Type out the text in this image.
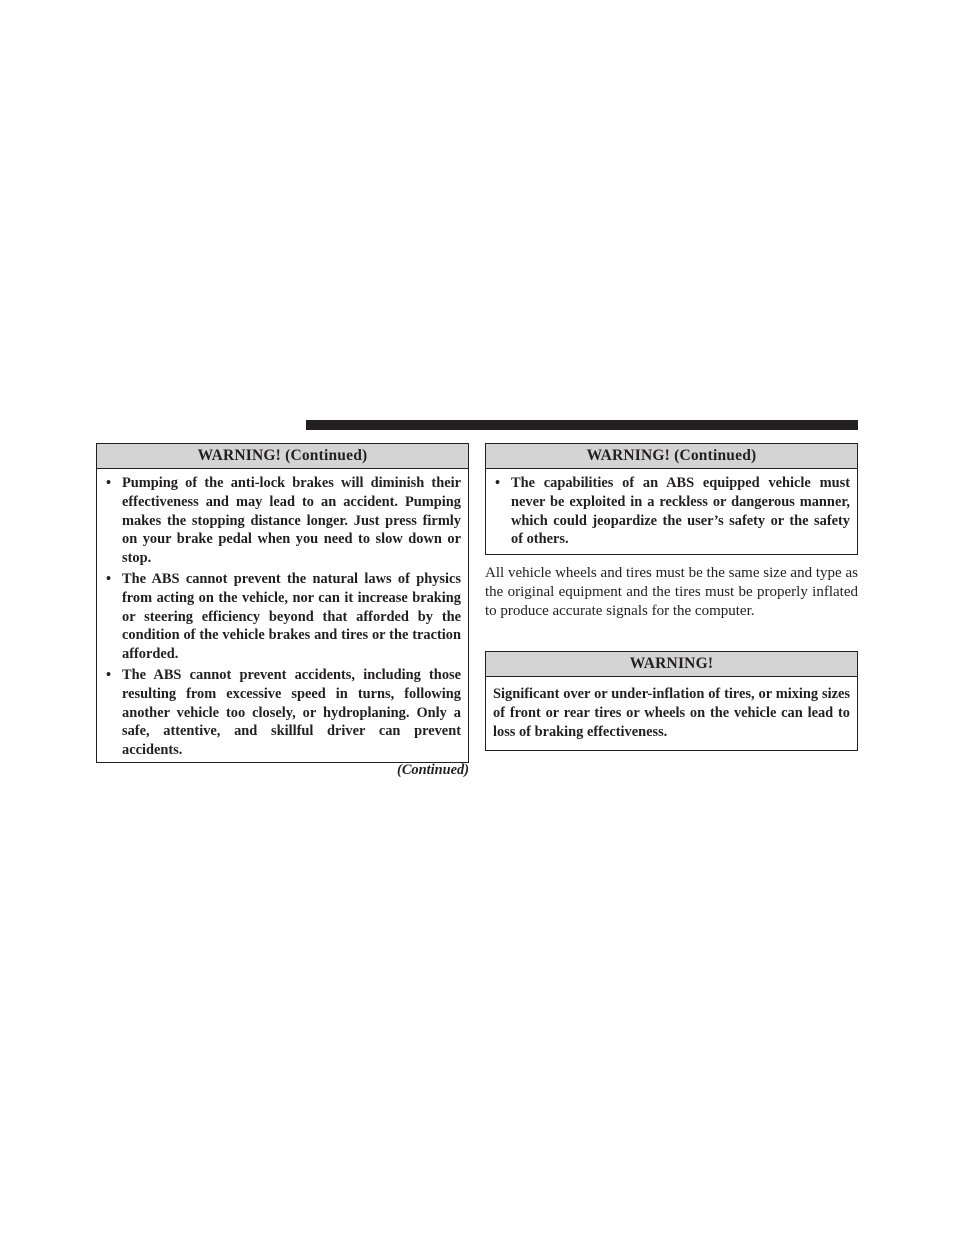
WARNING! (Continued)
• Pumping of the anti-lock brakes will diminish their effectiveness and may lead to an accident. Pumping makes the stopping distance longer. Just press firmly on your brake pedal when you need to slow down or stop.
• The ABS cannot prevent the natural laws of physics from acting on the vehicle, nor can it increase braking or steering efficiency beyond that afforded by the condition of the vehicle brakes and tires or the traction afforded.
• The ABS cannot prevent accidents, including those resulting from excessive speed in turns, following another vehicle too closely, or hydroplaning. Only a safe, attentive, and skillful driver can prevent accidents.
(Continued)
WARNING! (Continued)
• The capabilities of an ABS equipped vehicle must never be exploited in a reckless or dangerous manner, which could jeopardize the user’s safety or the safety of others.

All vehicle wheels and tires must be the same size and type as the original equipment and the tires must be properly inflated to produce accurate signals for the computer.

WARNING!
Significant over or under-inflation of tires, or mixing sizes of front or rear tires or wheels on the vehicle can lead to loss of braking effectiveness.
